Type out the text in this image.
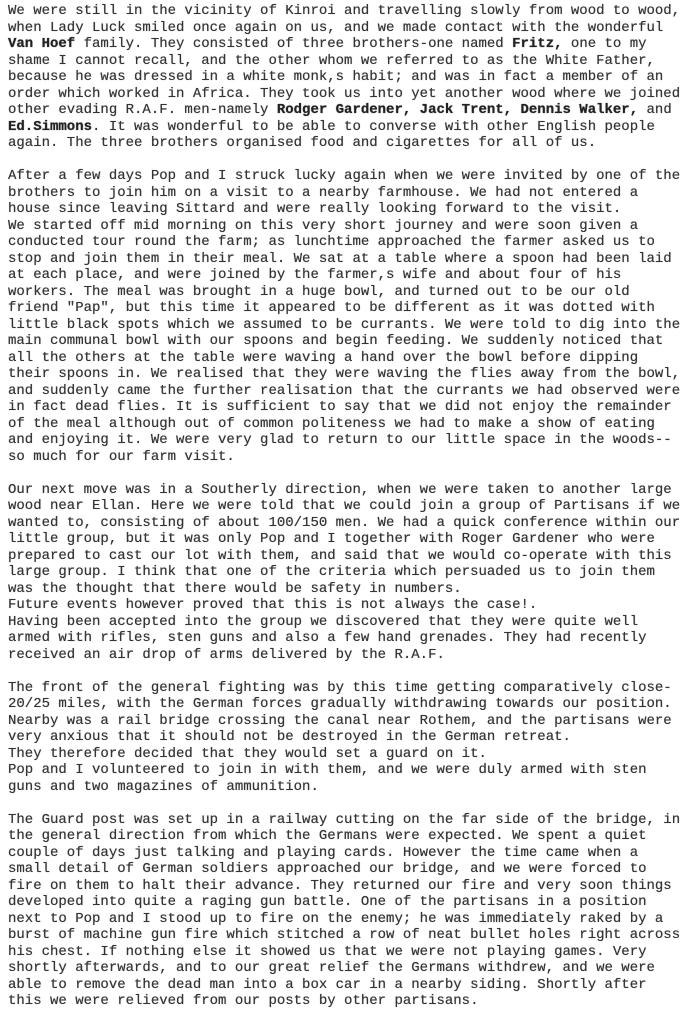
We were still in the vicinity of Kinroi and travelling slowly from wood to wood,
when Lady Luck smiled once again on us, and we made contact with the wonderful
Van Hoef family. They consisted of three brothers-one named Fritz, one to my
shame I cannot recall, and the other whom we referred to as the White Father,
because he was dressed in a white monk,s habit; and was in fact a member of an
order which worked in Africa. They took us into yet another wood where we joined
other evading R.A.F. men-namely Rodger Gardener, Jack Trent, Dennis Walker, and
Ed.Simmons. It was wonderful to be able to converse with other English people
again. The three brothers organised food and cigarettes for all of us.

After a few days Pop and I struck lucky again when we were invited by one of the
brothers to join him on a visit to a nearby farmhouse. We had not entered a
house since leaving Sittard and were really looking forward to the visit.
We started off mid morning on this very short journey and were soon given a
conducted tour round the farm; as lunchtime approached the farmer asked us to
stop and join them in their meal. We sat at a table where a spoon had been laid
at each place, and were joined by the farmer,s wife and about four of his
workers. The meal was brought in a huge bowl, and turned out to be our old
friend "Pap", but this time it appeared to be different as it was dotted with
little black spots which we assumed to be currants. We were told to dig into the
main communal bowl with our spoons and begin feeding. We suddenly noticed that
all the others at the table were waving a hand over the bowl before dipping
their spoons in. We realised that they were waving the flies away from the bowl,
and suddenly came the further realisation that the currants we had observed were
in fact dead flies. It is sufficient to say that we did not enjoy the remainder
of the meal although out of common politeness we had to make a show of eating
and enjoying it. We were very glad to return to our little space in the woods--
so much for our farm visit.

Our next move was in a Southerly direction, when we were taken to another large
wood near Ellan. Here we were told that we could join a group of Partisans if we
wanted to, consisting of about 100/150 men. We had a quick conference within our
little group, but it was only Pop and I together with Roger Gardener who were
prepared to cast our lot with them, and said that we would co-operate with this
large group. I think that one of the criteria which persuaded us to join them
was the thought that there would be safety in numbers.
Future events however proved that this is not always the case!.
Having been accepted into the group we discovered that they were quite well
armed with rifles, sten guns and also a few hand grenades. They had recently
received an air drop of arms delivered by the R.A.F.

The front of the general fighting was by this time getting comparatively close-
20/25 miles, with the German forces gradually withdrawing towards our position.
Nearby was a rail bridge crossing the canal near Rothem, and the partisans were
very anxious that it should not be destroyed in the German retreat.
They therefore decided that they would set a guard on it.
Pop and I volunteered to join in with them, and we were duly armed with sten
guns and two magazines of ammunition.

The Guard post was set up in a railway cutting on the far side of the bridge, in
the general direction from which the Germans were expected. We spent a quiet
couple of days just talking and playing cards. However the time came when a
small detail of German soldiers approached our bridge, and we were forced to
fire on them to halt their advance. They returned our fire and very soon things
developed into quite a raging gun battle. One of the partisans in a position
next to Pop and I stood up to fire on the enemy; he was immediately raked by a
burst of machine gun fire which stitched a row of neat bullet holes right across
his chest. If nothing else it showed us that we were not playing games. Very
shortly afterwards, and to our great relief the Germans withdrew, and we were
able to remove the dead man into a box car in a nearby siding. Shortly after
this we were relieved from our posts by other partisans.
